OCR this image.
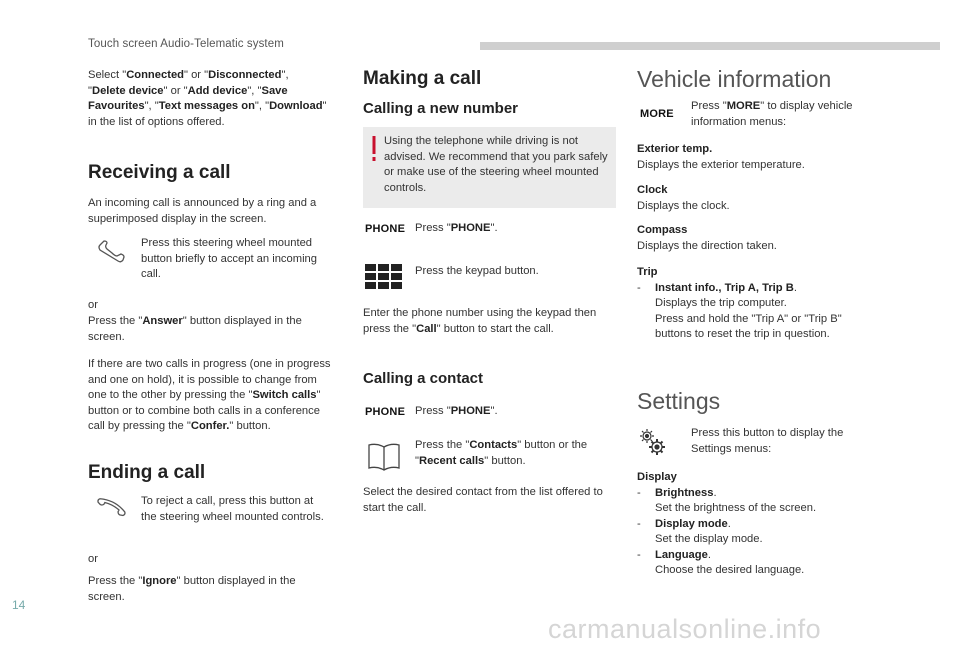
Touch screen Audio-Telematic system

Select "Connected" or "Disconnected", "Delete device" or "Add device", "Save Favourites", "Text messages on", "Download" in the list of options offered.

Receiving a call

An incoming call is announced by a ring and a superimposed display in the screen.

Press this steering wheel mounted button briefly to accept an incoming call.

or

Press the "Answer" button displayed in the screen.

If there are two calls in progress (one in progress and one on hold), it is possible to change from one to the other by pressing the "Switch calls" button or to combine both calls in a conference call by pressing the "Confer." button.

Ending a call

To reject a call, press this button at the steering wheel mounted controls.

or

Press the "Ignore" button displayed in the screen.

Making a call
Calling a new number

Using the telephone while driving is not advised. We recommend that you park safely or make use of the steering wheel mounted controls.

PHONE Press "PHONE".

Press the keypad button.

Enter the phone number using the keypad then press the "Call" button to start the call.

Calling a contact
PHONE Press "PHONE".

Press the "Contacts" button or the "Recent calls" button.

Select the desired contact from the list offered to start the call.

Vehicle information
MORE

Press "MORE" to display vehicle information menus:

Exterior temp.
Displays the exterior temperature.
Clock
Displays the clock.
Compass
Displays the direction taken.
Trip
- Instant info., Trip A, Trip B.
Displays the trip computer.
Press and hold the "Trip A" or "Trip B" buttons to reset the trip in question.
Settings

Press this button to display the Settings menus:

Display
- Brightness.
Set the brightness of the screen.
- Display mode.
Set the display mode.
- Language.
Choose the desired language.
14
carmanualsonline.info
